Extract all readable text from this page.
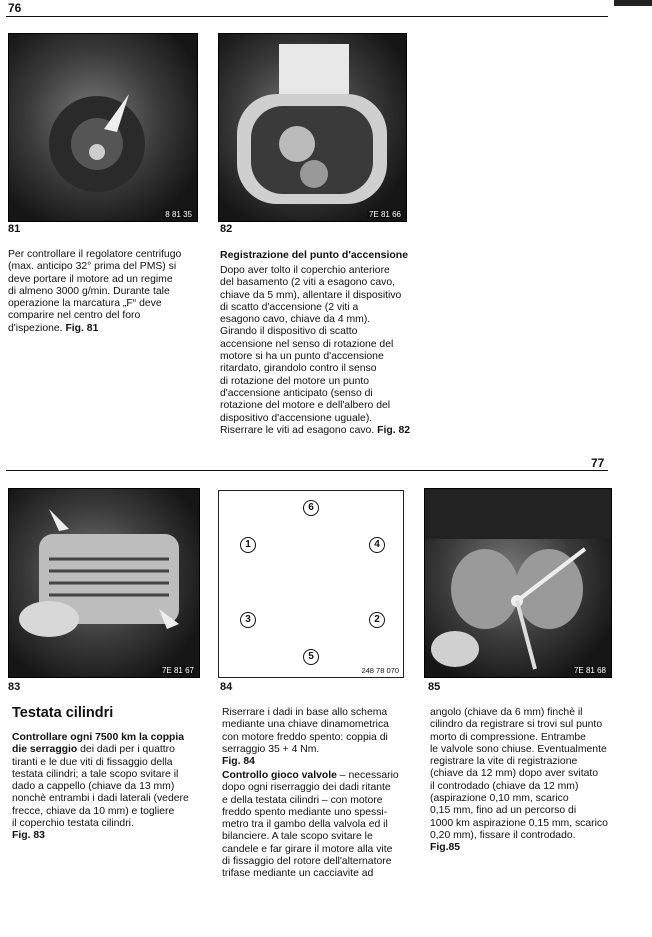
76
8 81 35	7E 81 66
81	82
Per controllare il regolatore centrifugo
(max. anticipo 32° prima del PMS) si
deve portare il motore ad un regime
di almeno 3000 g/min. Durante tale
operazione la marcatura „F“ deve
comparire nel centro del foro
d'ispezione. Fig. 81
Registrazione del punto d'accensione
Dopo aver tolto il coperchio anteriore
del basamento (2 viti a esagono cavo,
chiave da 5 mm), allentare il dispositivo
di scatto d'accensione (2 viti a
esagono cavo, chiave da 4 mm).
Girando il dispositivo di scatto
accensione nel senso di rotazione del
motore si ha un punto d'accensione
ritardato, girandolo contro il senso
di rotazione del motore un punto
d'accensione anticipato (senso di
rotazione del motore e dell'albero del
dispositivo d'accensione uguale).
Riserrare le viti ad esagono cavo. Fig. 82
77
7E 81 67
6
1	4
3	2
5
248 78 070	7E 81 68
83	84	85
Testata cilindri
Controllare ogni 7500 km la coppia
die serraggio dei dadi per i quattro
tiranti e le due viti di fissaggio della
testata cilindri; a tale scopo svitare il
dado a cappello (chiave da 13 mm)
nonchè entrambi i dadi laterali (vedere
frecce, chiave da 10 mm) e togliere
il coperchio testata cilindri.
Fig. 83
Riserrare i dadi in base allo schema
mediante una chiave dinamometrica
con motore freddo spento: coppia di
serraggio 35 + 4 Nm.
Fig. 84
Controllo gioco valvole – necessario
dopo ogni riserraggio dei dadi ritante
e della testata cilindri – con motore
freddo spento mediante uno spessi-
metro tra il gambo della valvola ed il
bilanciere. A tale scopo svitare le
candele e far girare il motore alla vite
di fissaggio del rotore dell'alternatore
trifase mediante un cacciavite ad
angolo (chiave da 6 mm) finchè il
cilindro da registrare si trovi sul punto
morto di compressione. Entrambe
le valvole sono chiuse. Eventualmente
registrare la vite di registrazione
(chiave da 12 mm) dopo aver svitato
il controdado (chiave da 12 mm)
(aspirazione 0,10 mm, scarico
0,15 mm, fino ad un percorso di
1000 km aspirazione 0,15 mm, scarico
0,20 mm), fissare il controdado.
Fig.85
